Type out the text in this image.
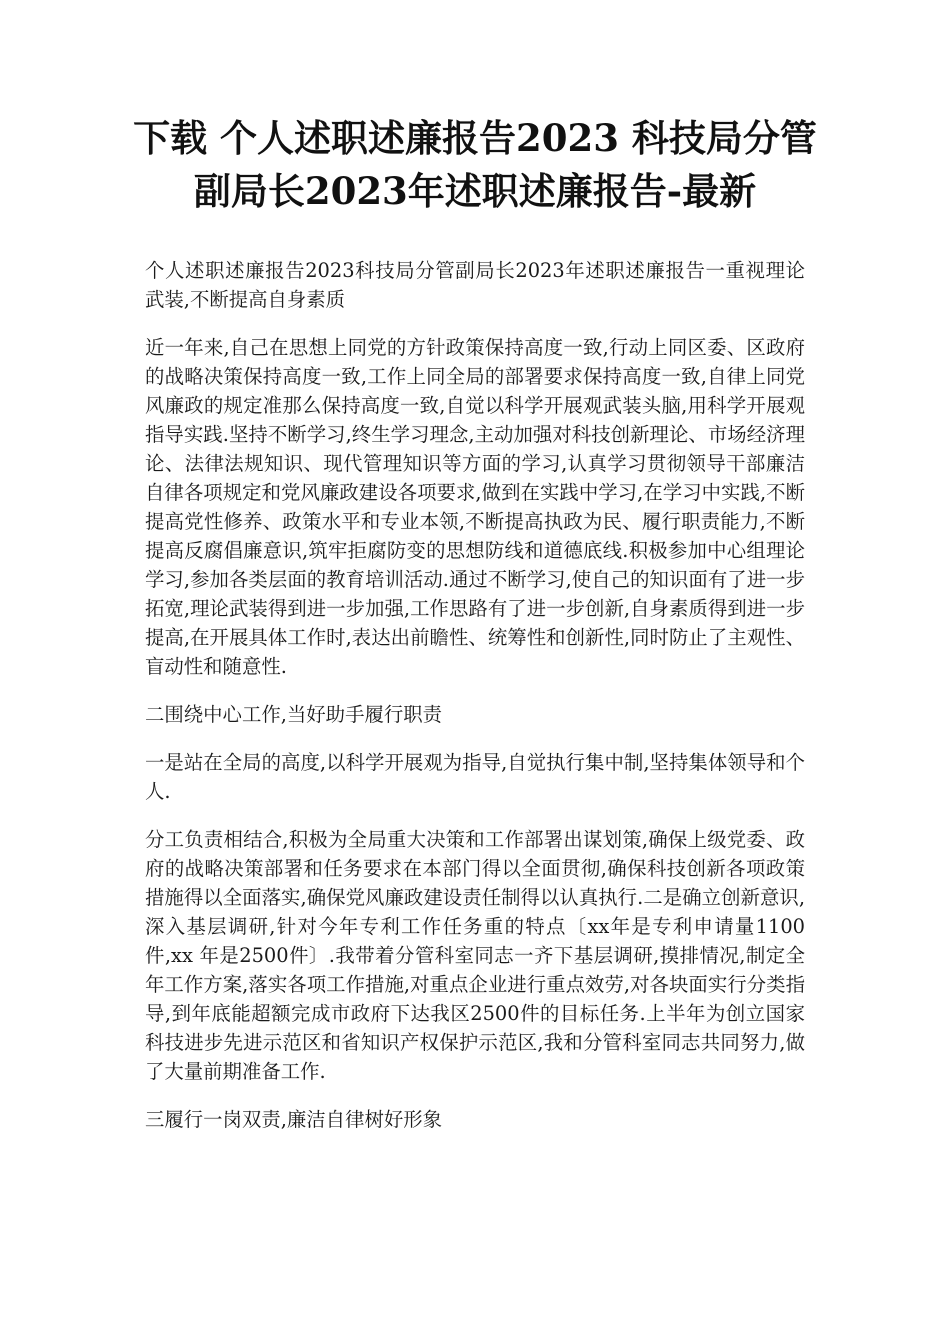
下载 个人述职述廉报告2023 科技局分管副局长2023年述职述廉报告-最新

个人述职述廉报告2023科技局分管副局长2023年述职述廉报告一重视理论武装,不断提高自身素质

近一年来,自己在思想上同党的方针政策保持高度一致,行动上同区委、区政府的战略决策保持高度一致,工作上同全局的部署要求保持高度一致,自律上同党风廉政的规定准那么保持高度一致,自觉以科学开展观武装头脑,用科学开展观指导实践.坚持不断学习,终生学习理念,主动加强对科技创新理论、市场经济理论、法律法规知识、现代管理知识等方面的学习,认真学习贯彻领导干部廉洁自律各项规定和党风廉政建设各项要求,做到在实践中学习,在学习中实践,不断提高党性修养、政策水平和专业本领,不断提高执政为民、履行职责能力,不断提高反腐倡廉意识,筑牢拒腐防变的思想防线和道德底线.积极参加中心组理论学习,参加各类层面的教育培训活动.通过不断学习,使自己的知识面有了进一步拓宽,理论武装得到进一步加强,工作思路有了进一步创新,自身素质得到进一步提高,在开展具体工作时,表达出前瞻性、统筹性和创新性,同时防止了主观性、盲动性和随意性.

二围绕中心工作,当好助手履行职责

一是站在全局的高度,以科学开展观为指导,自觉执行集中制,坚持集体领导和个人.

分工负责相结合,积极为全局重大决策和工作部署出谋划策,确保上级党委、政府的战略决策部署和任务要求在本部门得以全面贯彻,确保科技创新各项政策措施得以全面落实,确保党风廉政建设责任制得以认真执行.二是确立创新意识,深入基层调研,针对今年专利工作任务重的特点〔xx年是专利申请量1100件,xx 年是2500件〕.我带着分管科室同志一齐下基层调研,摸排情况,制定全年工作方案,落实各项工作措施,对重点企业进行重点效劳,对各块面实行分类指导,到年底能超额完成市政府下达我区2500件的目标任务.上半年为创立国家科技进步先进示范区和省知识产权保护示范区,我和分管科室同志共同努力,做了大量前期准备工作.

三履行一岗双责,廉洁自律树好形象
